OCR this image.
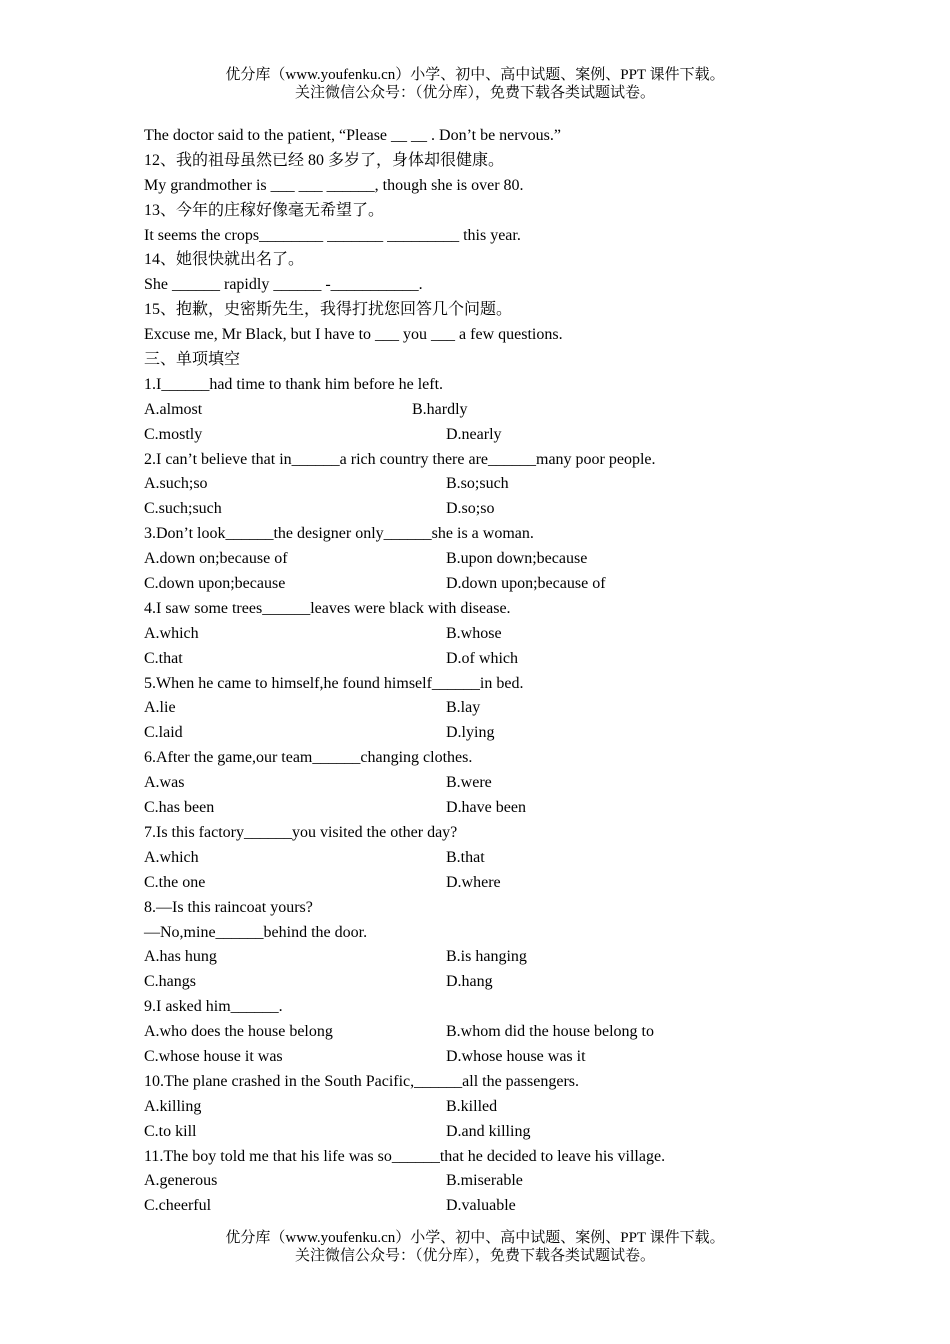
优分库（www.youfenku.cn）小学、初中、高中试题、案例、PPT 课件下载。
关注微信公众号：（优分库），免费下载各类试题试卷。
The doctor said to the patient, “Please __ __ . Don’t be nervous.”
12、我的祖母虽然已经 80 多岁了，身体却很健康。
My grandmother is ___ ___ ______, though she is over 80.
13、今年的庄稼好像毫无希望了。
It seems the crops________ _______ _________ this year.
14、她很快就出名了。
She ______ rapidly ______ -___________.
15、抱歉，史密斯先生，我得打扰您回答几个问题。
Excuse me, Mr Black, but I have to ___ you ___ a few questions.
三、单项填空
1.I______had time to thank him before he left.

A.almost

	B.hardly

C.mostly

	D.nearly

2.I can’t believe that in______a rich country there are______many poor people.

A.such;so

	B.so;such

C.such;such

	D.so;so

3.Don’t look______the designer only______she is a woman.

A.down on;because of

	B.upon down;because

C.down upon;because

	D.down upon;because of

4.I saw some trees______leaves were black with disease.

A.which

	B.whose

C.that

	D.of which

5.When he came to himself,he found himself______in bed.

A.lie

	B.lay

C.laid

	D.lying

6.After the game,our team______changing clothes.

A.was

	B.were

C.has been

	D.have been

7.Is this factory______you visited the other day?

A.which

	B.that

C.the one

	D.where

8.—Is this raincoat yours?
—No,mine______behind the door.

A.has hung

	B.is hanging

C.hangs

	D.hang

9.I asked him______.

A.who does the house belong

	B.whom did the house belong to

C.whose house it was

	D.whose house was it

10.The plane crashed in the South Pacific,______all the passengers.

A.killing

	B.killed

C.to kill

	D.and killing

11.The boy told me that his life was so______that he decided to leave his village.

A.generous

	B.miserable

C.cheerful

	D.valuable

优分库（www.youfenku.cn）小学、初中、高中试题、案例、PPT 课件下载。
关注微信公众号：（优分库），免费下载各类试题试卷。
